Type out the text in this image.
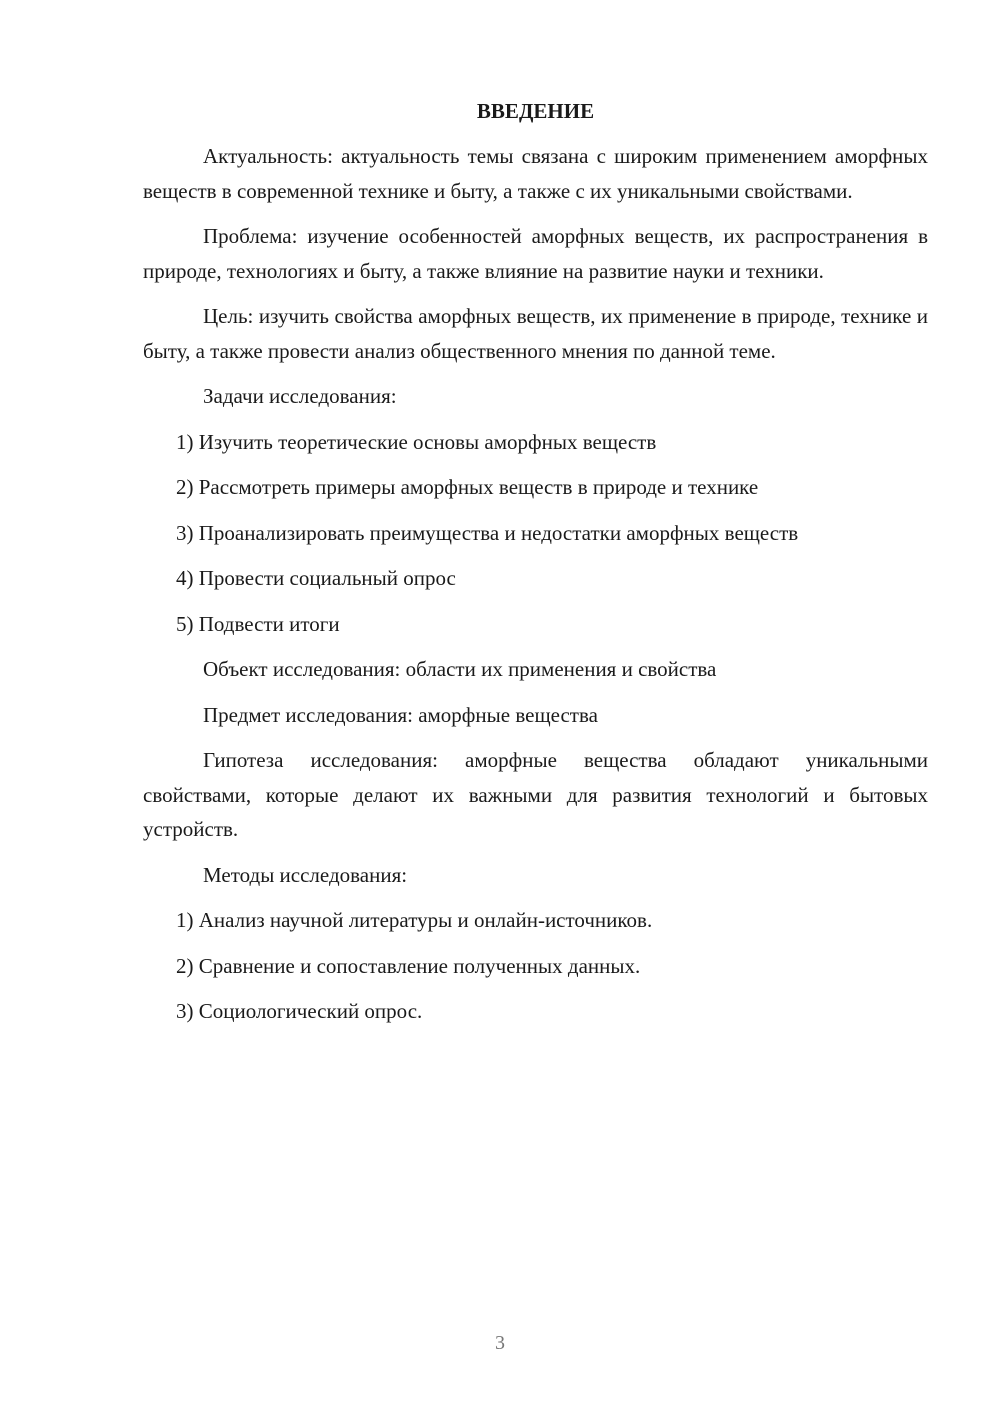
ВВЕДЕНИЕ
Актуальность: актуальность темы связана с широким применением аморфных веществ в современной технике и быту, а также с их уникальными свойствами.
Проблема: изучение особенностей аморфных веществ, их распространения в природе, технологиях и быту, а также влияние на развитие науки и техники.
Цель: изучить свойства аморфных веществ, их применение в природе, технике и быту, а также провести анализ общественного мнения по данной теме.
Задачи исследования:
1) Изучить теоретические основы аморфных веществ
2) Рассмотреть примеры аморфных веществ в природе и технике
3) Проанализировать преимущества и недостатки аморфных веществ
4) Провести социальный опрос
5) Подвести итоги
Объект исследования: области их применения и свойства
Предмет исследования: аморфные вещества
Гипотеза исследования: аморфные вещества обладают уникальными свойствами, которые делают их важными для развития технологий и бытовых устройств.
Методы исследования:
1) Анализ научной литературы и онлайн-источников.
2) Сравнение и сопоставление полученных данных.
3) Социологический опрос.
3
